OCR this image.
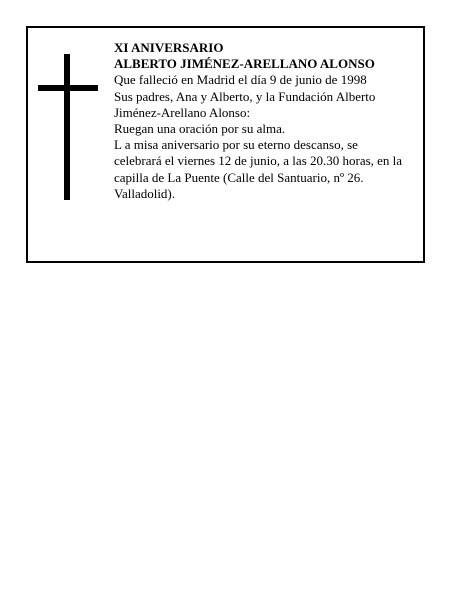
XI ANIVERSARIO
ALBERTO JIMÉNEZ-ARELLANO ALONSO
Que falleció en Madrid el día 9 de junio de 1998
Sus padres, Ana y Alberto, y la Fundación Alberto
Jiménez-Arellano Alonso:
Ruegan una oración por su alma.
L a misa aniversario por su eterno descanso, se
celebrará el viernes 12 de junio, a las 20.30 horas, en la
capilla de La Puente (Calle del Santuario, nº 26.
Valladolid).
